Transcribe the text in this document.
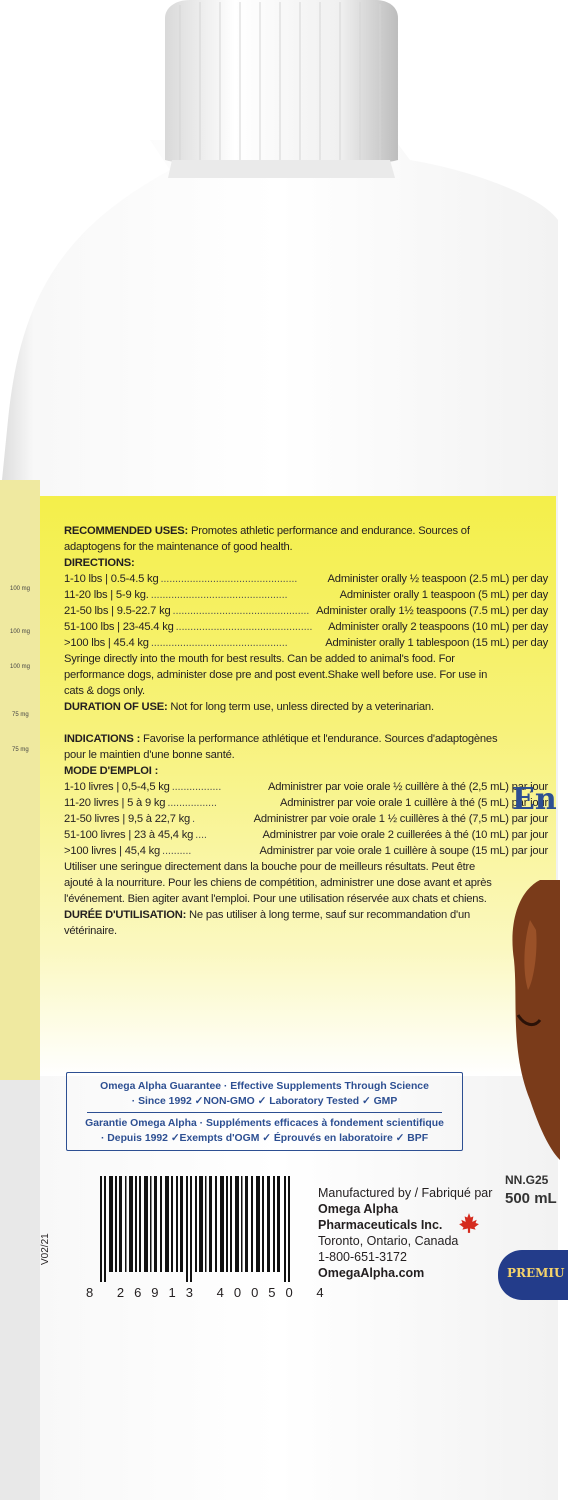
100 mg
100 mg
100 mg
75 mg
75 mg
RECOMMENDED USES: Promotes athletic performance and endurance. Sources of
adaptogens for the maintenance of good health.
DIRECTIONS:
1-10 lbs | 0.5-4.5 kg ...............................................	Administer orally ½ teaspoon (2.5 mL) per day
11-20 lbs | 5-9 kg. ...............................................	Administer orally 1 teaspoon (5 mL) per day
21-50 lbs | 9.5-22.7 kg ............................................... Administer orally 1½ teaspoons (7.5 mL) per day
51-100 lbs | 23-45.4 kg ...............................................	Administer orally 2 teaspoons (10 mL) per day
>100 lbs | 45.4 kg ...............................................	Administer orally 1 tablespoon (15 mL) per day
Syringe directly into the mouth for best results. Can be added to animal's food. For
performance dogs, administer dose pre and post event.Shake well before use. For use in
cats & dogs only.
DURATION OF USE: Not for long term use, unless directed by a veterinarian.
INDICATIONS : Favorise la performance athlétique et l'endurance. Sources d'adaptogènes
pour le maintien d'une bonne santé.
MODE D'EMPLOI :
1-10 livres | 0,5-4,5 kg .................	Administrer par voie orale ½ cuillère à thé (2,5 mL) par jour
11-20 livres | 5 à 9 kg .................	Administrer par voie orale 1 cuillère à thé (5 mL) par jour
21-50 livres | 9,5 à 22,7 kg .	Administrer par voie orale 1 ½ cuillères à thé (7,5 mL) par jour
51-100 livres | 23 à 45,4 kg ....	Administrer par voie orale 2 cuillerées à thé (10 mL) par jour
>100 livres | 45,4 kg ..........	Administrer par voie orale 1 cuillère à soupe (15 mL) par jour
Utiliser une seringue directement dans la bouche pour de meilleurs résultats. Peut être
ajouté à la nourriture. Pour les chiens de compétition, administrer une dose avant et après
l'événement. Bien agiter avant l'emploi. Pour une utilisation réservée aux chats et chiens.
DURÉE D'UTILISATION: Ne pas utiliser à long terme, sauf sur recommandation d'un
vétérinaire.
Omega Alpha Guarantee · Effective Supplements Through Science
· Since 1992 ✓NON-GMO ✓ Laboratory Tested ✓ GMP
Garantie Omega Alpha · Suppléments efficaces à fondement scientifique
· Depuis 1992 ✓Exempts d'OGM ✓ Éprouvés en laboratoire ✓ BPF
8 26913 40050 4
V02/21
Manufactured by / Fabriqué par
Omega Alpha
Pharmaceuticals Inc.
Toronto, Ontario, Canada
1-800-651-3172
OmegaAlpha.com
En
NN.G25
500 mL
PREMIU
